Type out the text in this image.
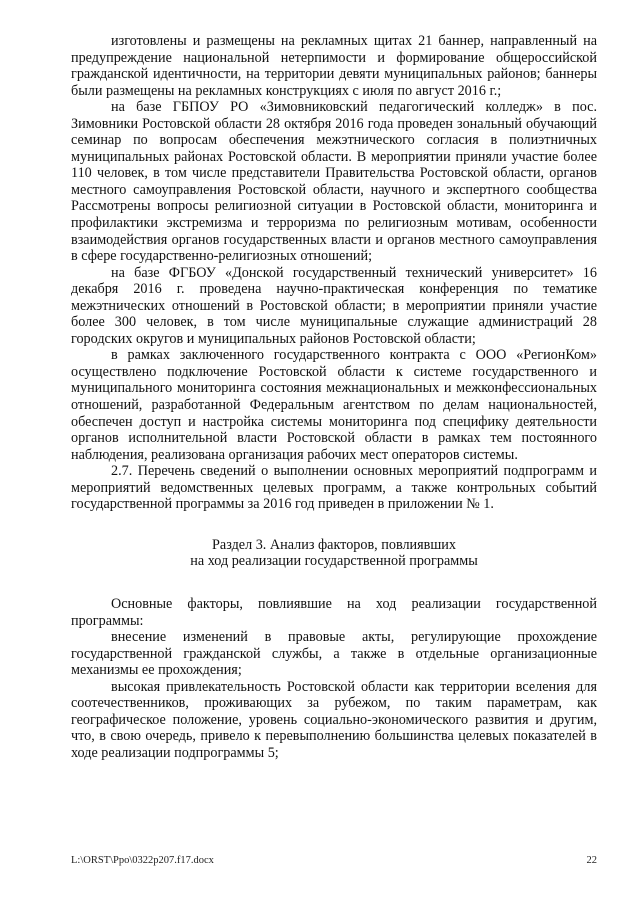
изготовлены и размещены на рекламных щитах 21 баннер, направленный на предупреждение национальной нетерпимости и формирование общероссийской гражданской идентичности, на территории девяти муниципальных районов; баннеры были размещены на рекламных конструкциях с июля по август 2016 г.;

на базе ГБПОУ РО «Зимовниковский педагогический колледж» в пос. Зимовники Ростовской области 28 октября 2016 года проведен зональный обучающий семинар по вопросам обеспечения межэтнического согласия в полиэтничных муниципальных районах Ростовской области. В мероприятии приняли участие более 110 человек, в том числе представители Правительства Ростовской области, органов местного самоуправления Ростовской области, научного и экспертного сообщества Рассмотрены вопросы религиозной ситуации в Ростовской области, мониторинга и профилактики экстремизма и терроризма по религиозным мотивам, особенности взаимодействия органов государственных власти и органов местного самоуправления в сфере государственно-религиозных отношений;

на базе ФГБОУ «Донской государственный технический университет» 16 декабря 2016 г. проведена научно-практическая конференция по тематике межэтнических отношений в Ростовской области; в мероприятии приняли участие более 300 человек, в том числе муниципальные служащие администраций 28 городских округов и муниципальных районов Ростовской области;

в рамках заключенного государственного контракта с ООО «РегионКом» осуществлено подключение Ростовской области к системе государственного и муниципального мониторинга состояния межнациональных и межконфессиональных отношений, разработанной Федеральным агентством по делам национальностей, обеспечен доступ и настройка системы мониторинга под специфику деятельности органов исполнительной власти Ростовской области в рамках тем постоянного наблюдения, реализована организация рабочих мест операторов системы.

2.7. Перечень сведений о выполнении основных мероприятий подпрограмм и мероприятий ведомственных целевых программ, а также контрольных событий государственной программы за 2016 год приведен в приложении № 1.

Раздел 3. Анализ факторов, повлиявших
на ход реализации государственной программы

Основные факторы, повлиявшие на ход реализации государственной программы:

внесение изменений в правовые акты, регулирующие прохождение государственной гражданской службы, а также в отдельные организационные механизмы ее прохождения;

высокая привлекательность Ростовской области как территории вселения для соотечественников, проживающих за рубежом, по таким параметрам, как географическое положение, уровень социально-экономического развития и другим, что, в свою очередь, привело к перевыполнению большинства целевых показателей в ходе реализации подпрограммы 5;

L:\ORST\Ppo\0322p207.f17.docx	22
